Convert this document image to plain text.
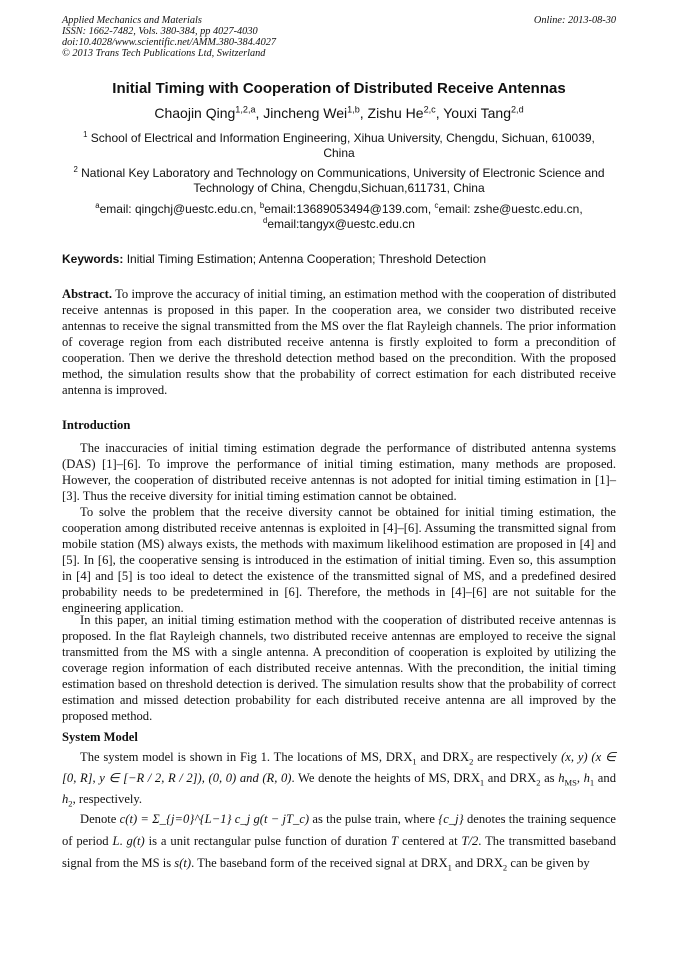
Applied Mechanics and Materials
ISSN: 1662-7482, Vols. 380-384, pp 4027-4030
doi:10.4028/www.scientific.net/AMM.380-384.4027
© 2013 Trans Tech Publications Ltd, Switzerland
Online: 2013-08-30
Initial Timing with Cooperation of Distributed Receive Antennas
Chaojin Qing$^{1,2,a}$, Jincheng Wei$^{1,b}$, Zishu He$^{2,c}$, Youxi Tang$^{2,d}$
$^1$ School of Electrical and Information Engineering, Xihua University, Chengdu, Sichuan, 610039, China
$^2$ National Key Laboratory and Technology on Communications, University of Electronic Science and Technology of China, Chengdu,Sichuan,611731, China
$^a$email: qingchj@uestc.edu.cn, $^b$email:13689053494@139.com, $^c$email: zshe@uestc.edu.cn,
$^d$email:tangyx@uestc.edu.cn
Keywords: Initial Timing Estimation; Antenna Cooperation; Threshold Detection

Abstract. To improve the accuracy of initial timing, an estimation method with the cooperation of distributed receive antennas is proposed in this paper. In the cooperation area, we consider two distributed receive antennas to receive the signal transmitted from the MS over the flat Rayleigh channels. The prior information of coverage region from each distributed receive antenna is firstly exploited to form a precondition of cooperation. Then we derive the threshold detection method based on the precondition. With the proposed method, the simulation results show that the probability of correct estimation for each distributed receive antenna is improved.

Introduction

The inaccuracies of initial timing estimation degrade the performance of distributed antenna systems (DAS) [1]–[6]. To improve the performance of initial timing estimation, many methods are proposed. However, the cooperation of distributed receive antennas is not adopted for initial timing estimation in [1]–[3]. Thus the receive diversity for initial timing estimation cannot be obtained.

To solve the problem that the receive diversity cannot be obtained for initial timing estimation, the cooperation among distributed receive antennas is exploited in [4]–[6]. Assuming the transmitted signal from mobile station (MS) always exists, the methods with maximum likelihood estimation are proposed in [4] and [5]. In [6], the cooperative sensing is introduced in the estimation of initial timing. Even so, this assumption in [4] and [5] is too ideal to detect the existence of the transmitted signal of MS, and a predefined desired probability needs to be predetermined in [6]. Therefore, the methods in [4]–[6] are not suitable for the engineering application.

In this paper, an initial timing estimation method with the cooperation of distributed receive antennas is proposed. In the flat Rayleigh channels, two distributed receive antennas are employed to receive the signal transmitted from the MS with a single antenna. A precondition of cooperation is exploited by utilizing the coverage region information of each distributed receive antennas. With the precondition, the initial timing estimation based on threshold detection is derived. The simulation results show that the probability of correct estimation and missed detection probability for each distributed receive antenna are all improved by the proposed method.

System Model

The system model is shown in Fig 1. The locations of MS, $DRX_1$ and $DRX_2$ are respectively (x, y) (x ∈ [0, R], y ∈ [−R / 2, R / 2]), (0, 0) and (R, 0). We denote the heights of MS, $DRX_1$ and $DRX_2$ as $h_{MS}$, $h_1$ and $h_2$, respectively.

Denote c(t) = Σ_{j=0}^{L−1} c_j g(t − jT_c) as the pulse train, where {c_j} denotes the training sequence of period L. g(t) is a unit rectangular pulse function of duration T centered at T/2. The transmitted baseband signal from the MS is s(t). The baseband form of the received signal at $DRX_1$ and $DRX_2$ can be given by
